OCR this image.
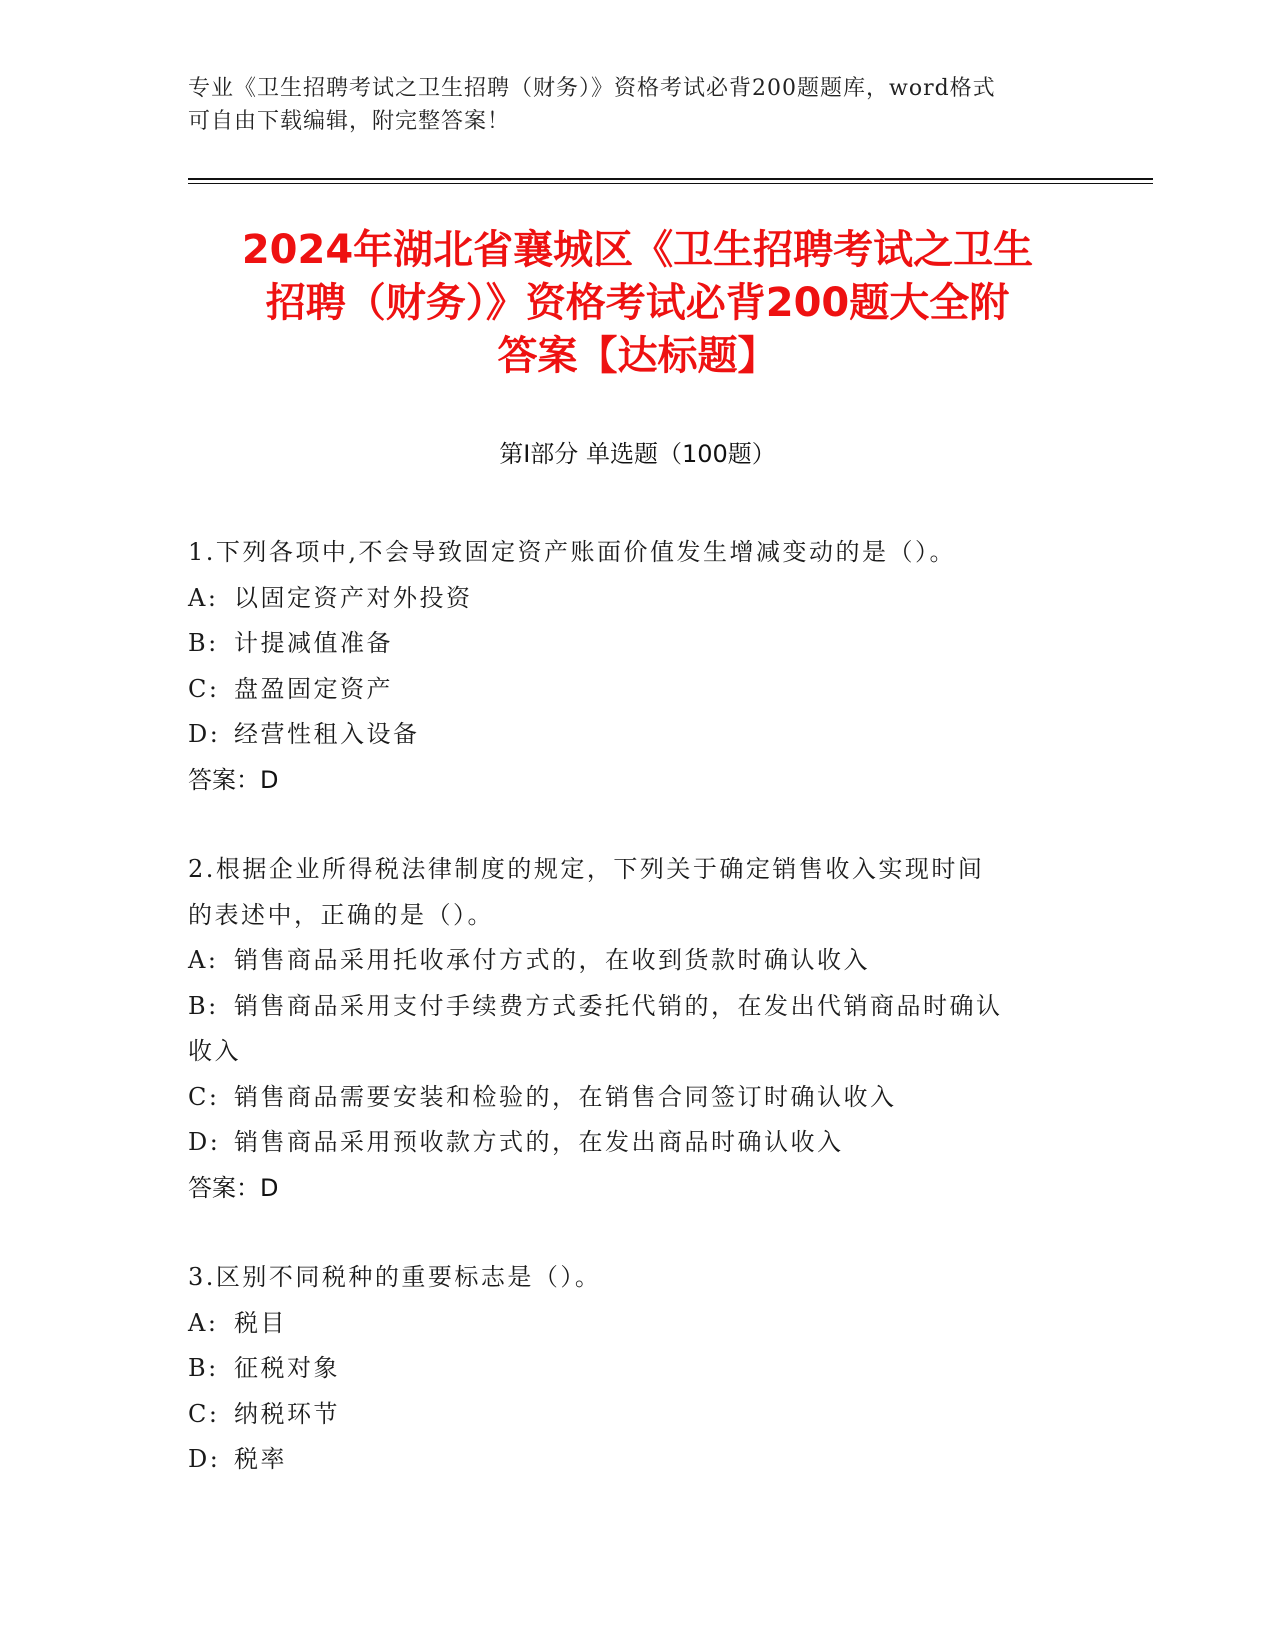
专业《卫生招聘考试之卫生招聘（财务）》资格考试必背200题题库，word格式
可自由下载编辑，附完整答案！
2024年湖北省襄城区《卫生招聘考试之卫生
招聘（财务）》资格考试必背200题大全附
答案【达标题】
第Ⅰ部分 单选题（100题）
1.下列各项中,不会导致固定资产账面价值发生增减变动的是（）。
A: 以固定资产对外投资
B: 计提减值准备
C: 盘盈固定资产
D: 经营性租入设备
答案：D
2.根据企业所得税法律制度的规定，下列关于确定销售收入实现时间
的表述中，正确的是（）。
A: 销售商品采用托收承付方式的，在收到货款时确认收入
B: 销售商品采用支付手续费方式委托代销的，在发出代销商品时确认
收入
C: 销售商品需要安装和检验的，在销售合同签订时确认收入
D: 销售商品采用预收款方式的，在发出商品时确认收入
答案：D
3.区别不同税种的重要标志是（）。
A: 税目
B: 征税对象
C: 纳税环节
D: 税率
